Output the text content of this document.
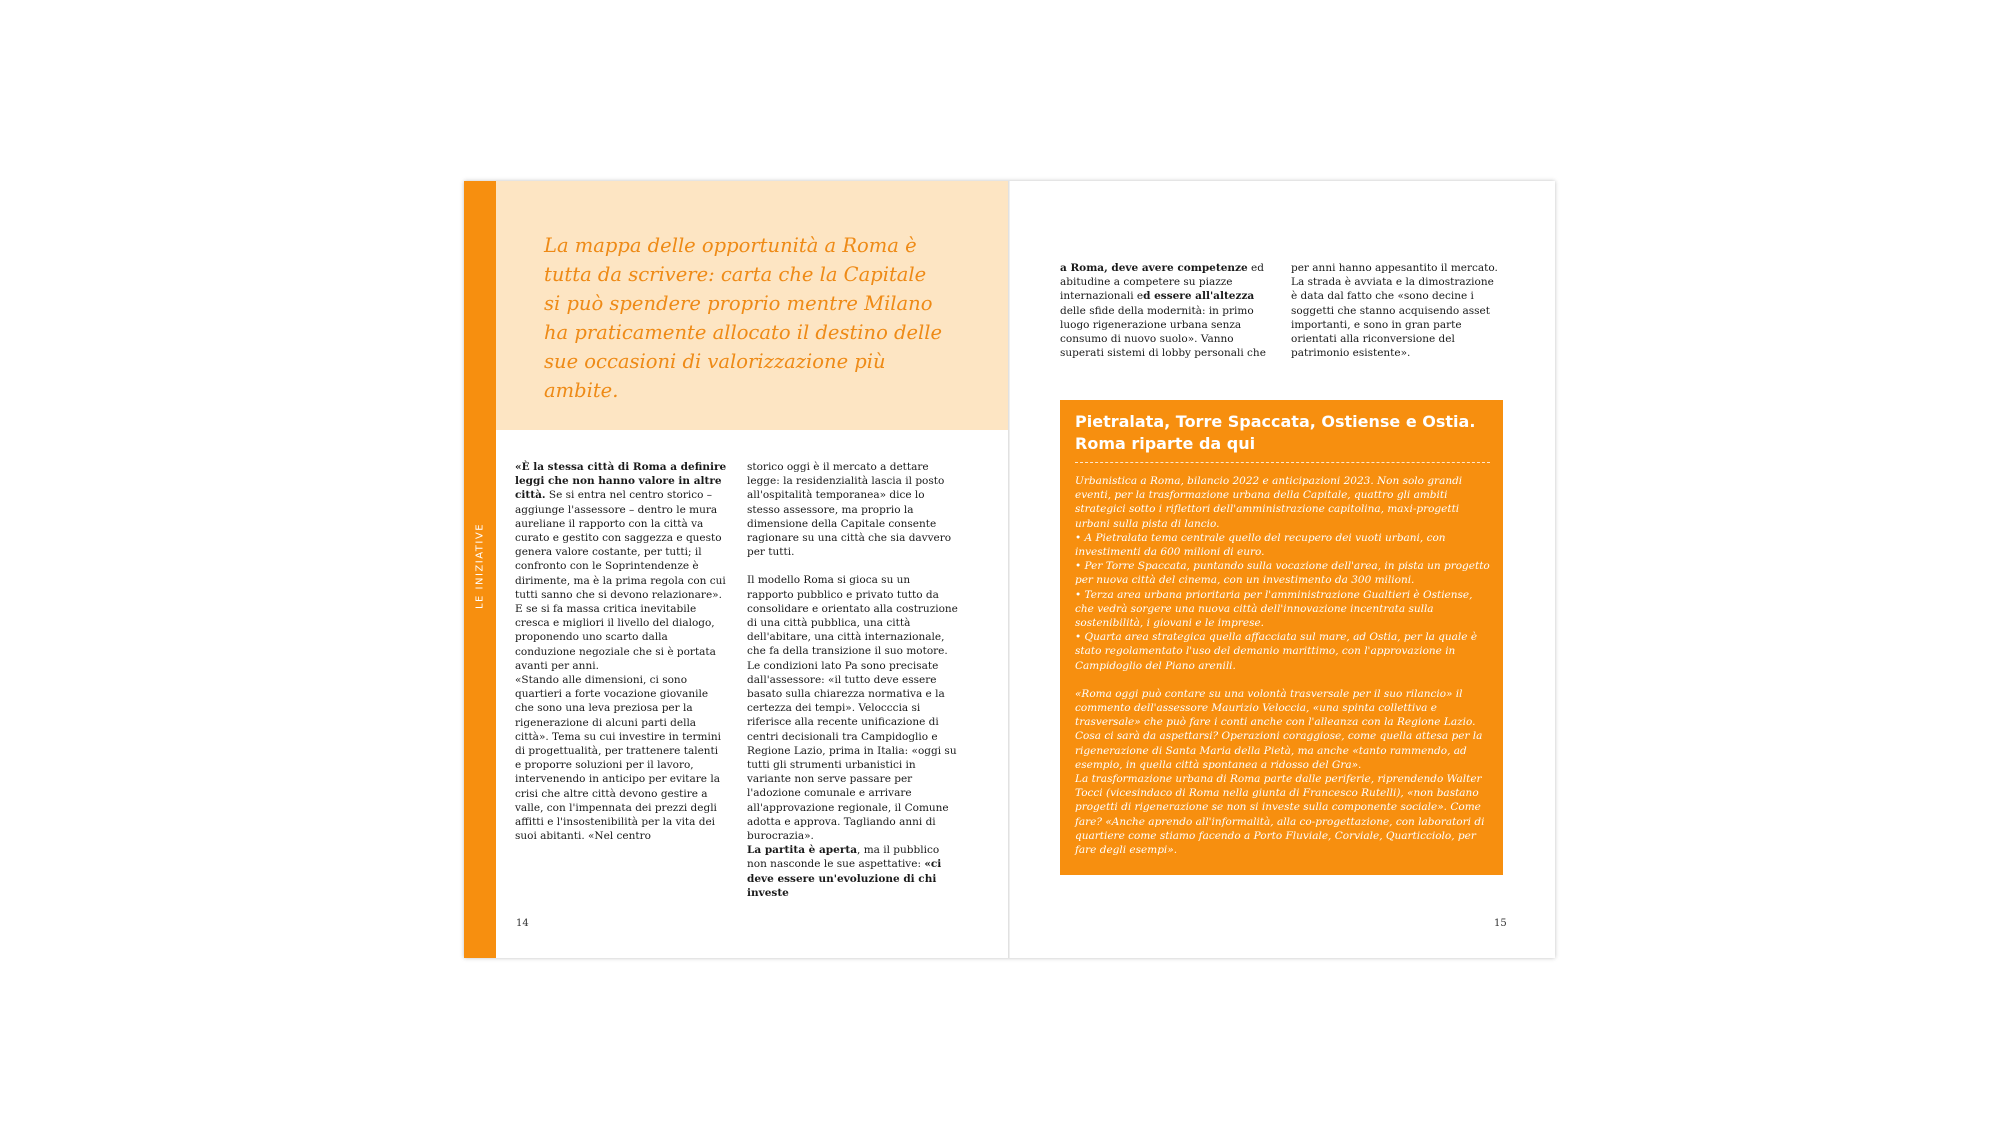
LE INIZIATIVE

La mappa delle opportunità a Roma è tutta da scrivere: carta che la Capitale si può spendere proprio mentre Milano ha praticamente allocato il destino delle sue occasioni di valorizzazione più ambite.

«È la stessa città di Roma a definire leggi che non hanno valore in altre città. Se si entra nel centro storico – aggiunge l'assessore – dentro le mura aureliane il rapporto con la città va curato e gestito con saggezza e questo genera valore costante, per tutti; il confronto con le Soprintendenze è dirimente, ma è la prima regola con cui tutti sanno che si devono relazionare». E se si fa massa critica inevitabile cresca e migliori il livello del dialogo, proponendo uno scarto dalla conduzione negoziale che si è portata avanti per anni.

«Stando alle dimensioni, ci sono quartieri a forte vocazione giovanile che sono una leva preziosa per la rigenerazione di alcuni parti della città». Tema su cui investire in termini di progettualità, per trattenere talenti e proporre soluzioni per il lavoro, intervenendo in anticipo per evitare la crisi che altre città devono gestire a valle, con l'impennata dei prezzi degli affitti e l'insostenibilità per la vita dei suoi abitanti. «Nel centro

storico oggi è il mercato a dettare legge: la residenzialità lascia il posto all'ospitalità temporanea» dice lo stesso assessore, ma proprio la dimensione della Capitale consente ragionare su una città che sia davvero per tutti.

Il modello Roma si gioca su un rapporto pubblico e privato tutto da consolidare e orientato alla costruzione di una città pubblica, una città dell'abitare, una città internazionale, che fa della transizione il suo motore. Le condizioni lato Pa sono precisate dall'assessore: «il tutto deve essere basato sulla chiarezza normativa e la certezza dei tempi». Velocccia si riferisce alla recente unificazione di centri decisionali tra Campidoglio e Regione Lazio, prima in Italia: «oggi su tutti gli strumenti urbanistici in variante non serve passare per l'adozione comunale e arrivare all'approvazione regionale, il Comune adotta e approva. Tagliando anni di burocrazia».

La partita è aperta, ma il pubblico non nasconde le sue aspettative: «ci deve essere un'evoluzione di chi investe

14

a Roma, deve avere competenze ed abitudine a competere su piazze internazionali ed essere all'altezza delle sfide della modernità: in primo luogo rigenerazione urbana senza consumo di nuovo suolo». Vanno superati sistemi di lobby personali che

per anni hanno appesantito il mercato. La strada è avviata e la dimostrazione è data dal fatto che «sono decine i soggetti che stanno acquisendo asset importanti, e sono in gran parte orientati alla riconversione del patrimonio esistente».

Pietralata, Torre Spaccata, Ostiense e Ostia.
Roma riparte da qui

Urbanistica a Roma, bilancio 2022 e anticipazioni 2023. Non solo grandi eventi, per la trasformazione urbana della Capitale, quattro gli ambiti strategici sotto i riflettori dell'amministrazione capitolina, maxi-progetti urbani sulla pista di lancio.

• A Pietralata tema centrale quello del recupero dei vuoti urbani, con investimenti da 600 milioni di euro.

• Per Torre Spaccata, puntando sulla vocazione dell'area, in pista un progetto per nuova città del cinema, con un investimento da 300 milioni.

• Terza area urbana prioritaria per l'amministrazione Gualtieri è Ostiense, che vedrà sorgere una nuova città dell'innovazione incentrata sulla sostenibilità, i giovani e le imprese.

• Quarta area strategica quella affacciata sul mare, ad Ostia, per la quale è stato regolamentato l'uso del demanio marittimo, con l'approvazione in Campidoglio del Piano arenili.

«Roma oggi può contare su una volontà trasversale per il suo rilancio» il commento dell'assessore Maurizio Veloccia, «una spinta collettiva e trasversale» che può fare i conti anche con l'alleanza con la Regione Lazio. Cosa ci sarà da aspettarsi? Operazioni coraggiose, come quella attesa per la rigenerazione di Santa Maria della Pietà, ma anche «tanto rammendo, ad esempio, in quella città spontanea a ridosso del Gra».

La trasformazione urbana di Roma parte dalle periferie, riprendendo Walter Tocci (vicesindaco di Roma nella giunta di Francesco Rutelli), «non bastano progetti di rigenerazione se non si investe sulla componente sociale». Come fare? «Anche aprendo all'informalità, alla co-progettazione, con laboratori di quartiere come stiamo facendo a Porto Fluviale, Corviale, Quarticciolo, per fare degli esempi».

15
